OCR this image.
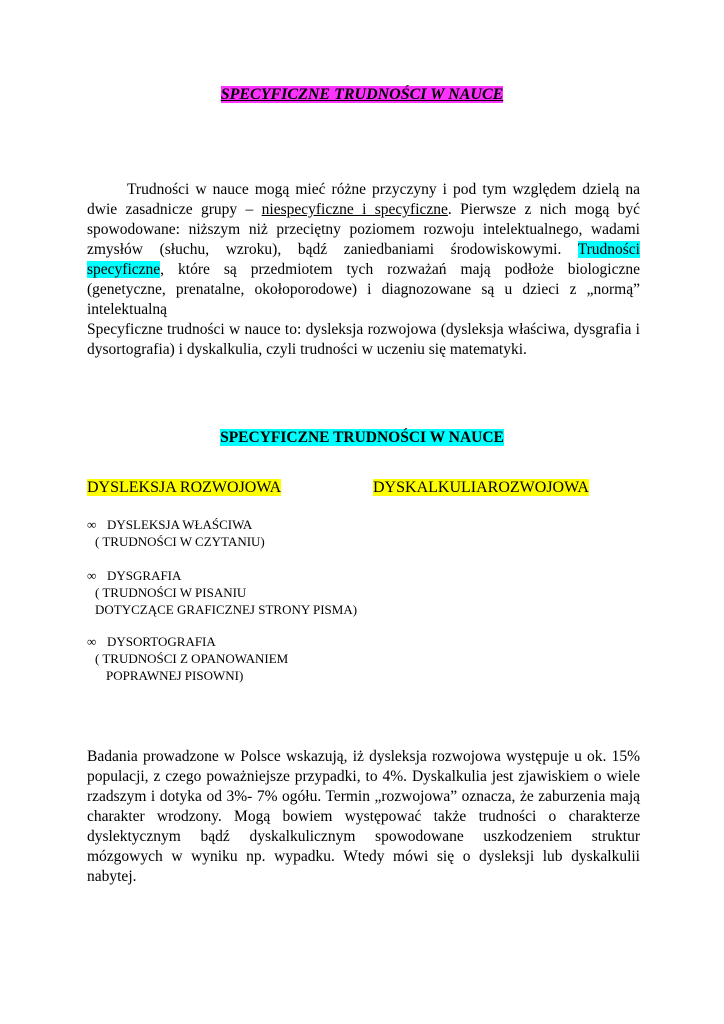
SPECYFICZNE TRUDNOŚCI W NAUCE
Trudności w nauce mogą mieć różne przyczyny i pod tym względem dzielą na dwie zasadnicze grupy – niespecyficzne i specyficzne. Pierwsze z nich mogą być spowodowane: niższym niż przeciętny poziomem rozwoju intelektualnego, wadami zmysłów (słuchu, wzroku), bądź zaniedbaniami środowiskowymi. Trudności specyficzne, które są przedmiotem tych rozważań mają podłoże biologiczne (genetyczne, prenatalne, okołoporodowe) i diagnozowane są u dzieci z „normą” intelektualną
Specyficzne trudności w nauce to: dysleksja rozwojowa (dysleksja właściwa, dysgrafia i dysortografia) i dyskalkulia, czyli trudności w uczeniu się matematyki.
SPECYFICZNE TRUDNOŚCI W NAUCE
DYSLEKSJA ROZWOJOWA	DYSKALKULIAROZWOJOWA
∞ DYSLEKSJA WŁAŚCIWA
( TRUDNOŚCI W CZYTANIU)
∞ DYSGRAFIA
( TRUDNOŚCI W PISANIU
DOTYCZĄCE GRAFICZNEJ STRONY PISMA)
∞ DYSORTOGRAFIA
( TRUDNOŚCI Z OPANOWANIEM
POPRAWNEJ PISOWNI)
Badania prowadzone w Polsce wskazują, iż dysleksja rozwojowa występuje u ok. 15% populacji, z czego poważniejsze przypadki, to 4%. Dyskalkulia jest zjawiskiem o wiele rzadszym i dotyka od 3%- 7% ogółu. Termin „rozwojowa” oznacza, że zaburzenia mają charakter wrodzony. Mogą bowiem występować także trudności o charakterze dyslektycznym bądź dyskalkulicznym spowodowane uszkodzeniem struktur mózgowych w wyniku np. wypadku. Wtedy mówi się o dysleksji lub dyskalkulii nabytej.
